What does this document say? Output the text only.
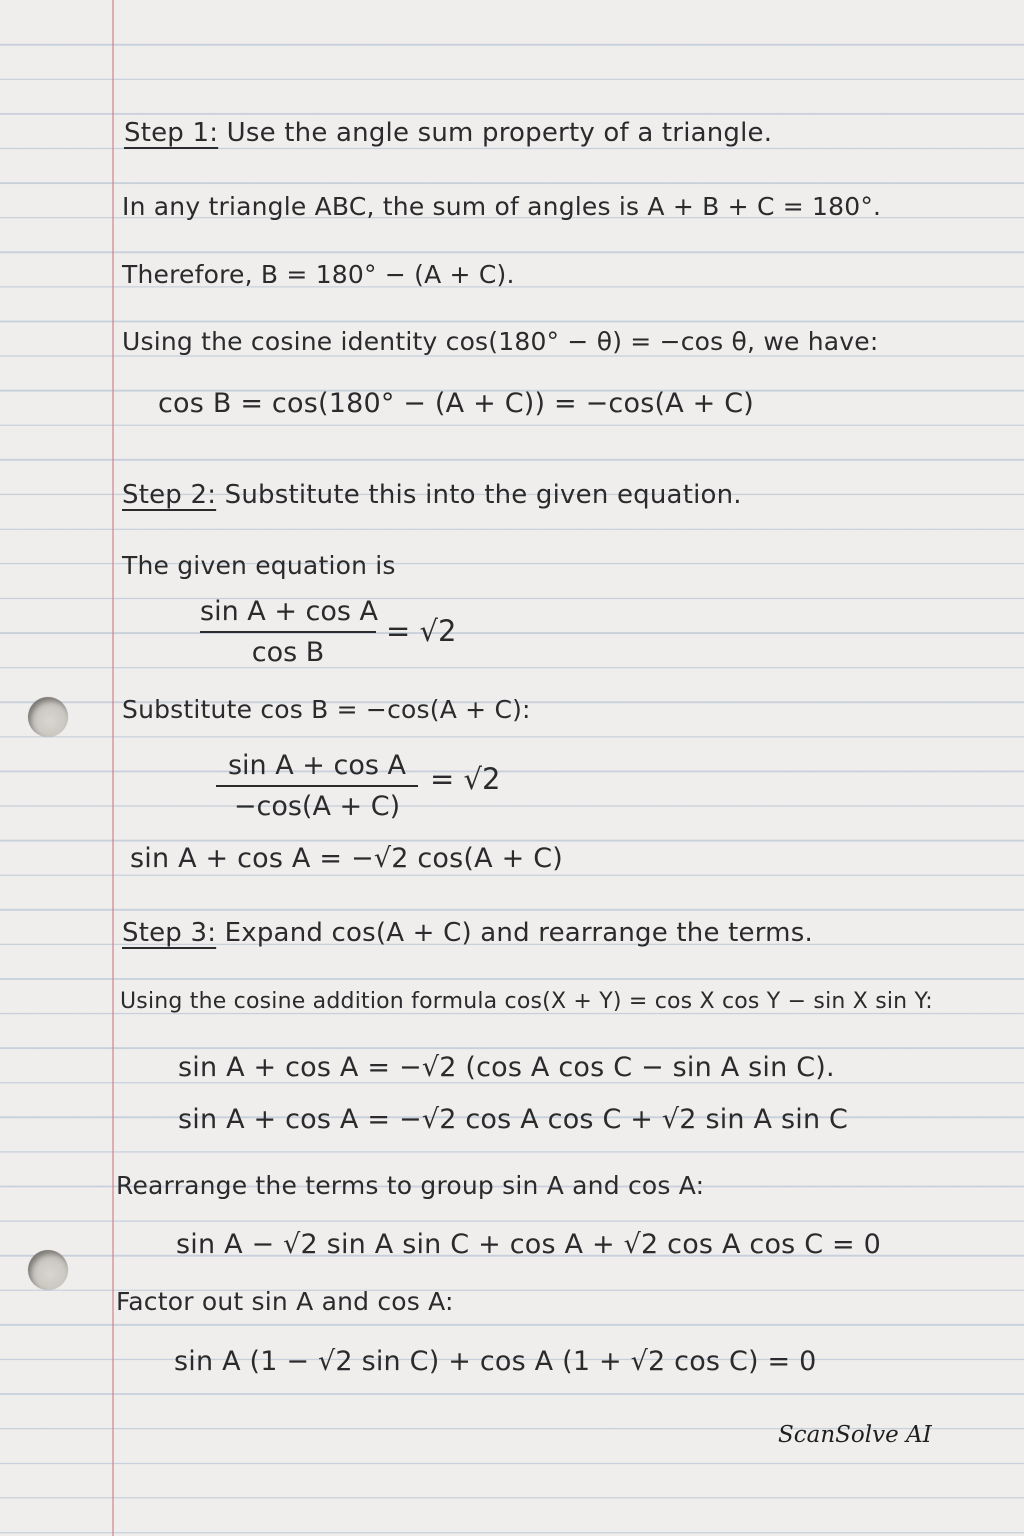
Step 1: Use the angle sum property of a triangle.
In any triangle ABC, the sum of angles is A + B + C = 180°.
Therefore, B = 180° − (A + C).
Using the cosine identity cos(180° − θ) = −cos θ, we have:
cos B = cos(180° − (A + C)) = −cos(A + C)
Step 2: Substitute this into the given equation.
The given equation is
sin A + cos A
cos B
= √2
Substitute cos B = −cos(A + C):
sin A + cos A
−cos(A + C)
= √2
sin A + cos A = −√2 cos(A + C)
Step 3: Expand cos(A + C) and rearrange the terms.
Using the cosine addition formula cos(X + Y) = cos X cos Y − sin X sin Y:
sin A + cos A = −√2 (cos A cos C − sin A sin C).
sin A + cos A = −√2 cos A cos C + √2 sin A sin C
Rearrange the terms to group sin A and cos A:
sin A − √2 sin A sin C + cos A + √2 cos A cos C = 0
Factor out sin A and cos A:
sin A (1 − √2 sin C) + cos A (1 + √2 cos C) = 0
ScanSolve AI
